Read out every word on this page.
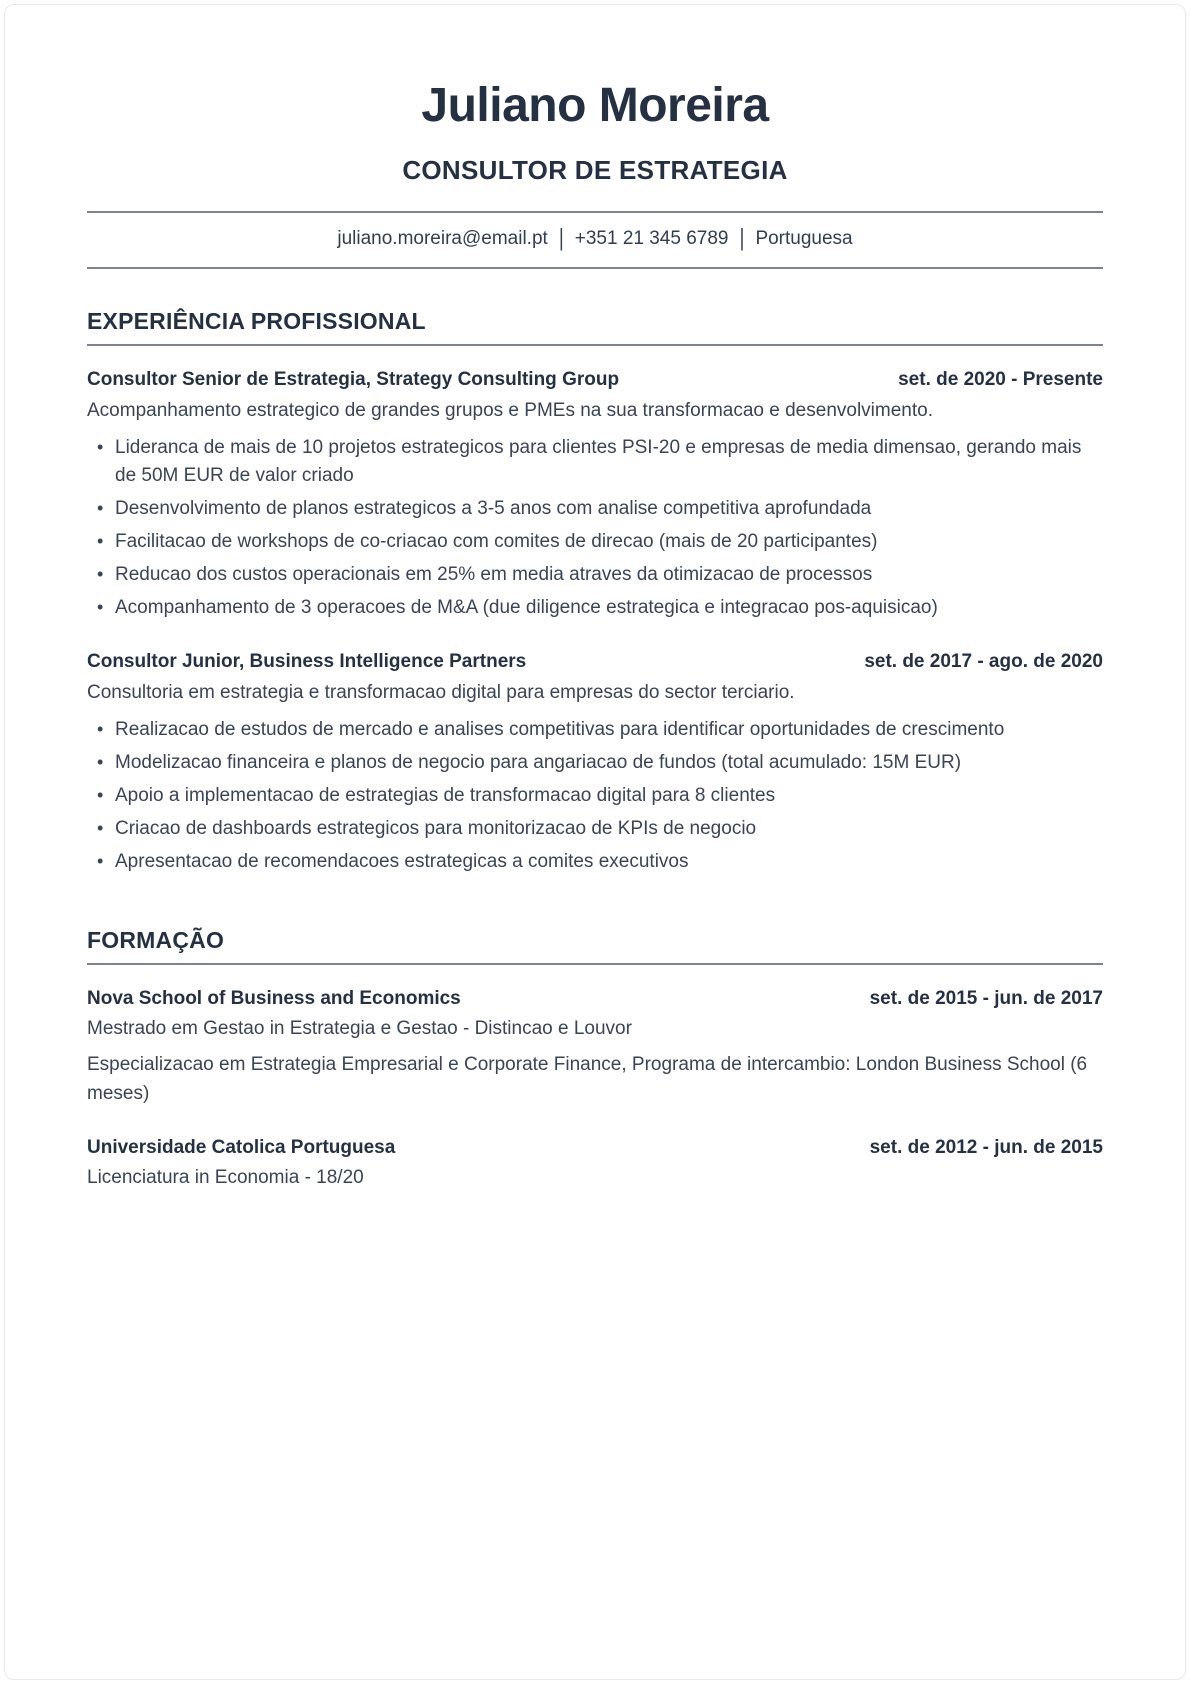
Juliano Moreira
CONSULTOR DE ESTRATEGIA
juliano.moreira@email.pt | +351 21 345 6789 | Portuguesa
EXPERIÊNCIA PROFISSIONAL
Consultor Senior de Estrategia, Strategy Consulting Group	set. de 2020 - Presente
Acompanhamento estrategico de grandes grupos e PMEs na sua transformacao e desenvolvimento.
• Lideranca de mais de 10 projetos estrategicos para clientes PSI-20 e empresas de media dimensao, gerando mais de 50M EUR de valor criado
• Desenvolvimento de planos estrategicos a 3-5 anos com analise competitiva aprofundada
• Facilitacao de workshops de co-criacao com comites de direcao (mais de 20 participantes)
• Reducao dos custos operacionais em 25% em media atraves da otimizacao de processos
• Acompanhamento de 3 operacoes de M&A (due diligence estrategica e integracao pos-aquisicao)
Consultor Junior, Business Intelligence Partners	set. de 2017 - ago. de 2020
Consultoria em estrategia e transformacao digital para empresas do sector terciario.
• Realizacao de estudos de mercado e analises competitivas para identificar oportunidades de crescimento
• Modelizacao financeira e planos de negocio para angariacao de fundos (total acumulado: 15M EUR)
• Apoio a implementacao de estrategias de transformacao digital para 8 clientes
• Criacao de dashboards estrategicos para monitorizacao de KPIs de negocio
• Apresentacao de recomendacoes estrategicas a comites executivos
FORMAÇÃO
Nova School of Business and Economics	set. de 2015 - jun. de 2017
Mestrado em Gestao in Estrategia e Gestao - Distincao e Louvor
Especializacao em Estrategia Empresarial e Corporate Finance, Programa de intercambio: London Business School (6 meses)
Universidade Catolica Portuguesa	set. de 2012 - jun. de 2015
Licenciatura in Economia - 18/20
